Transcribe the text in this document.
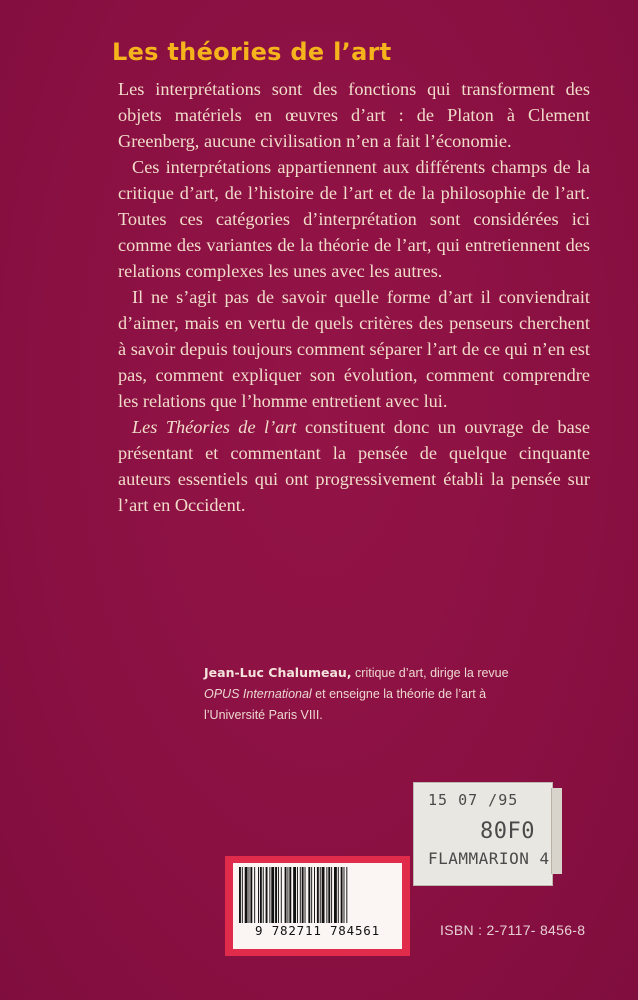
Les théories de l’art

Les interprétations sont des fonctions qui transforment des objets matériels en œuvres d’art : de Platon à Clement Greenberg, aucune civilisation n’en a fait l’économie.

Ces interprétations appartiennent aux différents champs de la critique d’art, de l’histoire de l’art et de la philosophie de l’art. Toutes ces catégories d’interprétation sont considérées ici comme des variantes de la théorie de l’art, qui entretiennent des relations complexes les unes avec les autres.

Il ne s’agit pas de savoir quelle forme d’art il conviendrait d’aimer, mais en vertu de quels critères des penseurs cherchent à savoir depuis toujours comment séparer l’art de ce qui n’en est pas, comment expliquer son évolution, comment comprendre les relations que l’homme entretient avec lui.

Les Théories de l’art constituent donc un ouvrage de base présentant et commentant la pensée de quelque cinquante auteurs essentiels qui ont progressivement établi la pensée sur l’art en Occident.

Jean-Luc Chalumeau, critique d’art, dirige la revue OPUS International et enseigne la théorie de l’art à l’Université Paris VIII.
15 07 /95
80F0
FLAMMARION 4
9 782711 784561	ISBN : 2-7117- 8456-8
